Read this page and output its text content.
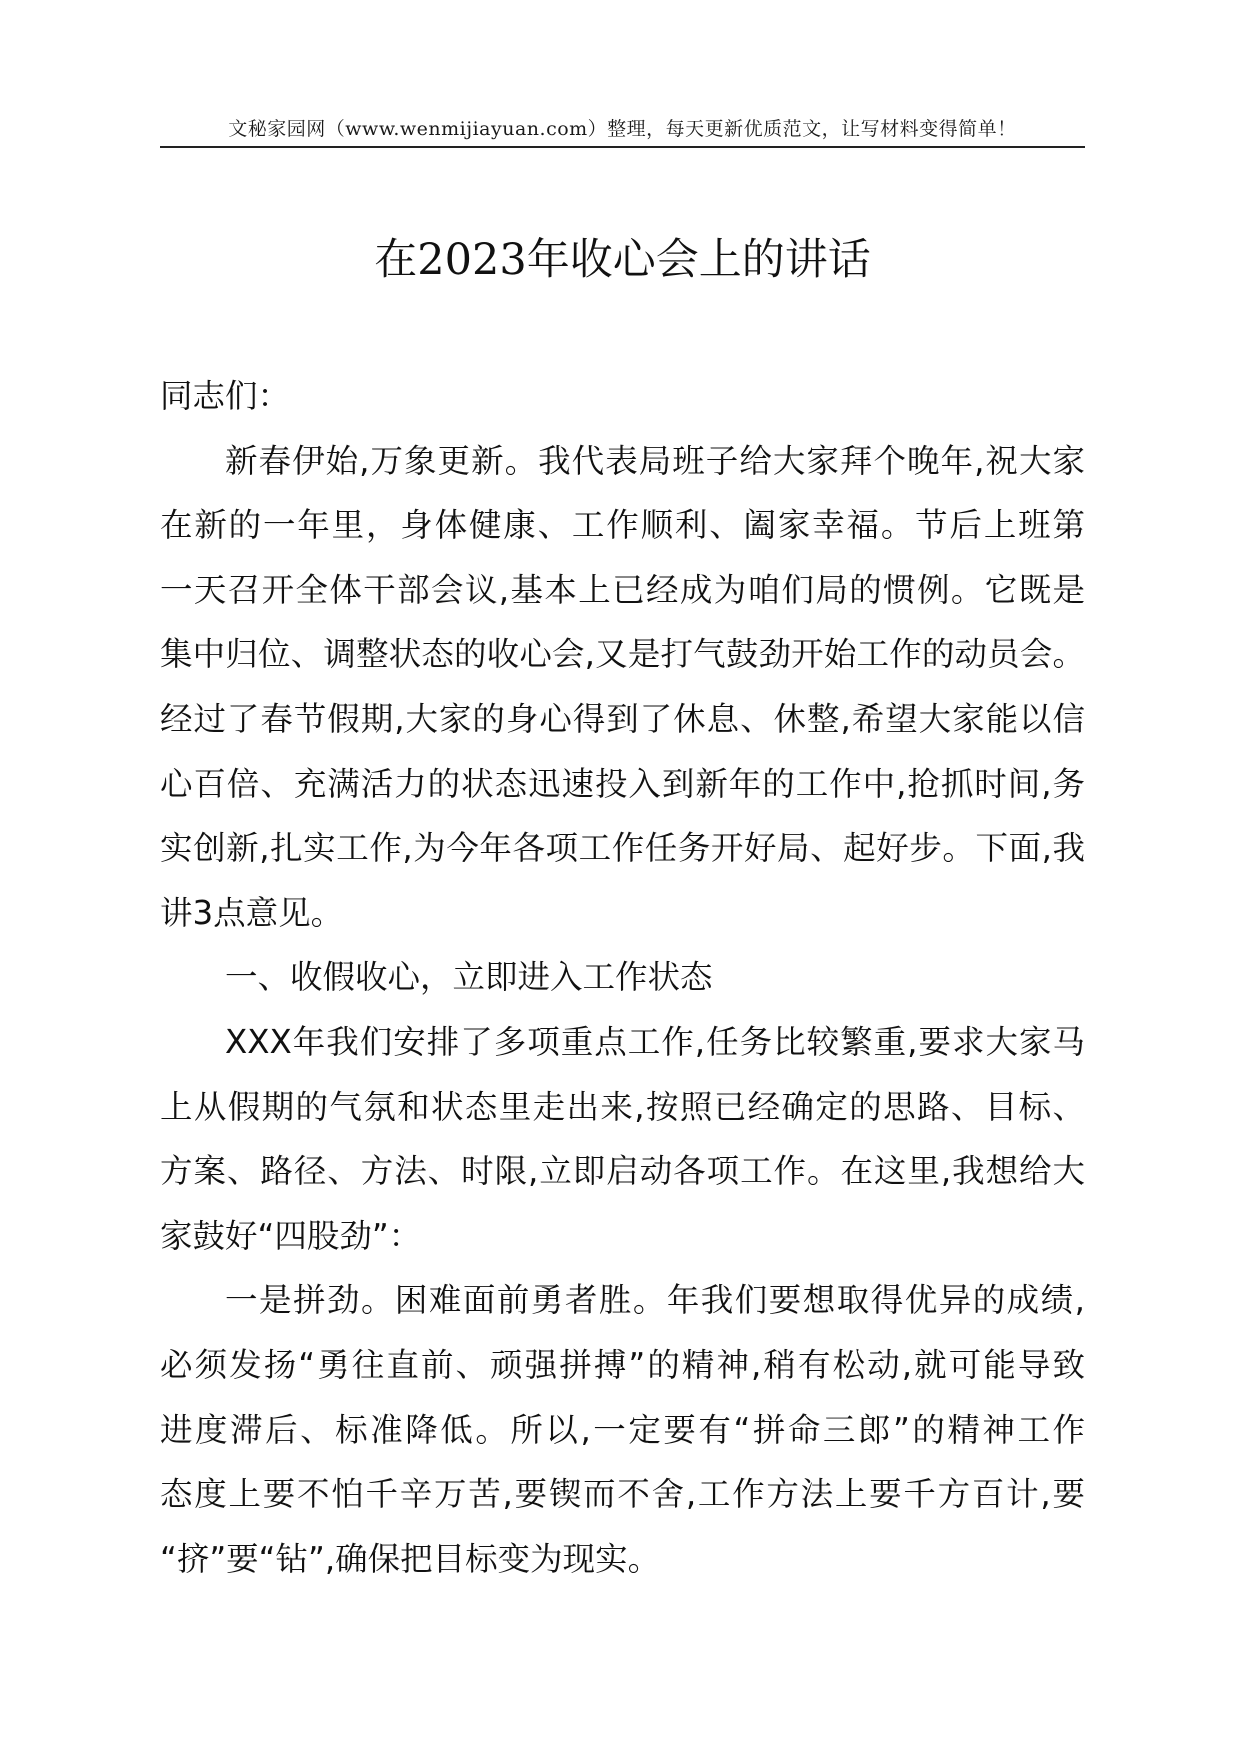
文秘家园网（www.wenmijiayuan.com）整理，每天更新优质范文，让写材料变得简单！
在2023年收心会上的讲话
同志们：
新春伊始,万象更新。我代表局班子给大家拜个晚年,祝大家
在新的一年里，身体健康、工作顺利、阖家幸福。节后上班第
一天召开全体干部会议,基本上已经成为咱们局的惯例。它既是
集中归位、调整状态的收心会,又是打气鼓劲开始工作的动员会。
经过了春节假期,大家的身心得到了休息、休整,希望大家能以信
心百倍、充满活力的状态迅速投入到新年的工作中,抢抓时间,务
实创新,扎实工作,为今年各项工作任务开好局、起好步。下面,我
讲3点意见。
一、收假收心，立即进入工作状态
XXX年我们安排了多项重点工作,任务比较繁重,要求大家马
上从假期的气氛和状态里走出来,按照已经确定的思路、目标、
方案、路径、方法、时限,立即启动各项工作。在这里,我想给大
家鼓好“四股劲”：
一是拼劲。困难面前勇者胜。年我们要想取得优异的成绩,
必须发扬“勇往直前、顽强拼搏”的精神,稍有松动,就可能导致
进度滞后、标准降低。所以,一定要有“拼命三郎”的精神工作
态度上要不怕千辛万苦,要锲而不舍,工作方法上要千方百计,要
“挤”要“钻”,确保把目标变为现实。
